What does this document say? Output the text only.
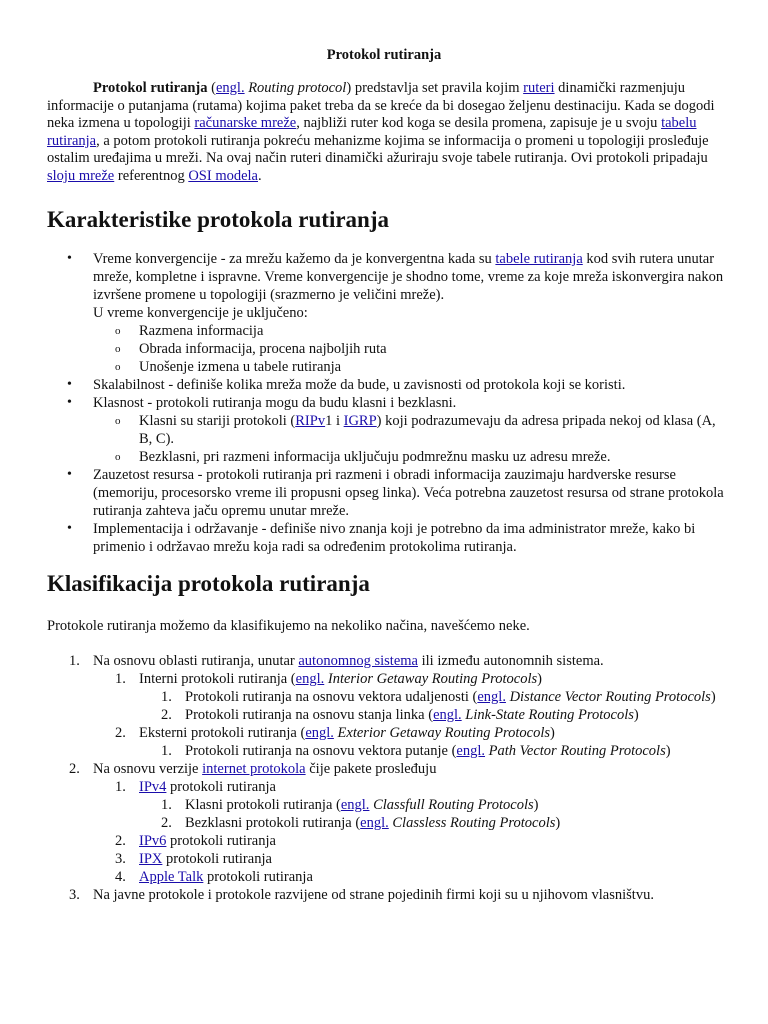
Protokol rutiranja

Protokol rutiranja (engl. Routing protocol) predstavlja set pravila kojim ruteri dinamički razmenjuju informacije o putanjama (rutama) kojima paket treba da se kreće da bi dosegao željenu destinaciju. Kada se dogodi neka izmena u topologiji računarske mreže, najbliži ruter kod koga se desila promena, zapisuje je u svoju tabelu rutiranja, a potom protokoli rutiranja pokreću mehanizme kojima se informacija o promeni u topologiji prosleđuje ostalim uređajima u mreži. Na ovaj način ruteri dinamički ažuriraju svoje tabele rutiranja. Ovi protokoli pripadaju sloju mreže referentnog OSI modela.

Karakteristike protokola rutiranja
• Vreme konvergencije - za mrežu kažemo da je konvergentna kada su tabele rutiranja kod svih rutera unutar mreže, kompletne i ispravne. Vreme konvergencije je shodno tome, vreme za koje mreža iskonvergira nakon izvršene promene u topologiji (srazmerno je veličini mreže).
U vreme konvergencije je uključeno:
o Razmena informacija
o Obrada informacija, procena najboljih ruta
o Unošenje izmena u tabele rutiranja
• Skalabilnost - definiše kolika mreža može da bude, u zavisnosti od protokola koji se koristi.
• Klasnost - protokoli rutiranja mogu da budu klasni i bezklasni.
o Klasni su stariji protokoli (RIPv1 i IGRP) koji podrazumevaju da adresa pripada nekoj od klasa (A, B, C).
o Bezklasni, pri razmeni informacija uključuju podmrežnu masku uz adresu mreže.
• Zauzetost resursa - protokoli rutiranja pri razmeni i obradi informacija zauzimaju hardverske resurse (memoriju, procesorsko vreme ili propusni opseg linka). Veća potrebna zauzetost resursa od strane protokola rutiranja zahteva jaču opremu unutar mreže.
• Implementacija i održavanje - definiše nivo znanja koji je potrebno da ima administrator mreže, kako bi primenio i održavao mrežu koja radi sa određenim protokolima rutiranja.
Klasifikacija protokola rutiranja
Protokole rutiranja možemo da klasifikujemo na nekoliko načina, navešćemo neke.
1. Na osnovu oblasti rutiranja, unutar autonomnog sistema ili između autonomnih sistema.
1. Interni protokoli rutiranja (engl. Interior Getaway Routing Protocols)
1. Protokoli rutiranja na osnovu vektora udaljenosti (engl. Distance Vector Routing Protocols)
2. Protokoli rutiranja na osnovu stanja linka (engl. Link-State Routing Protocols)
2. Eksterni protokoli rutiranja (engl. Exterior Getaway Routing Protocols)
1. Protokoli rutiranja na osnovu vektora putanje (engl. Path Vector Routing Protocols)
2. Na osnovu verzije internet protokola čije pakete prosleđuju
1. IPv4 protokoli rutiranja
1. Klasni protokoli rutiranja (engl. Classfull Routing Protocols)
2. Bezklasni protokoli rutiranja (engl. Classless Routing Protocols)
2. IPv6 protokoli rutiranja
3. IPX protokoli rutiranja
4. Apple Talk protokoli rutiranja
3. Na javne protokole i protokole razvijene od strane pojedinih firmi koji su u njihovom vlasništvu.
